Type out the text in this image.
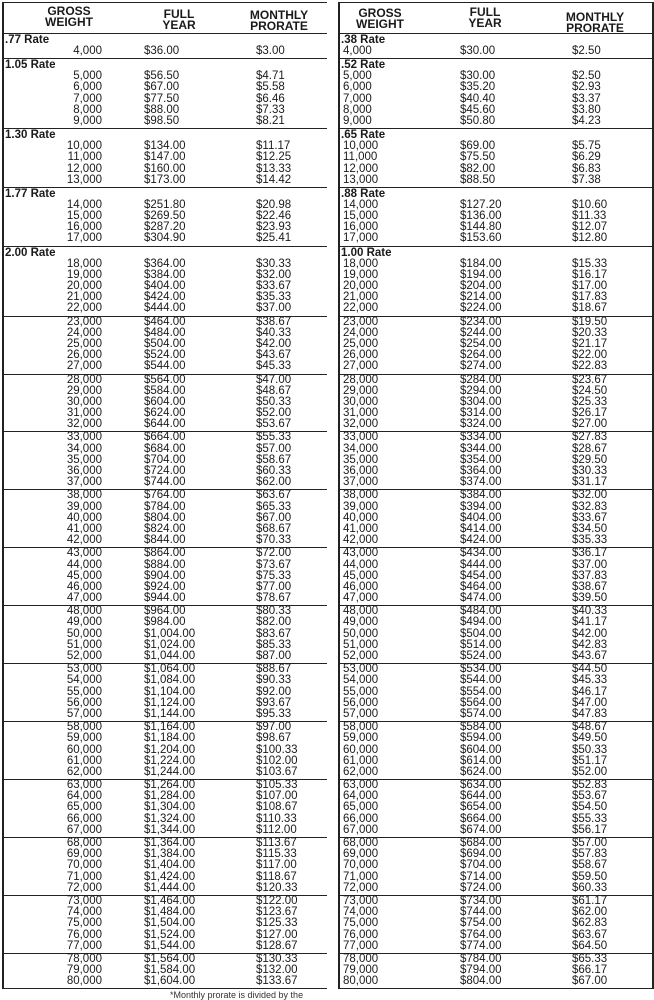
GROSS
WEIGHT
FULL
YEAR
MONTHLY
PRORATE
.77 Rate
4,000	$36.00	$3.00
1.05 Rate
5,000	$56.50	$4.71
6,000	$67.00	$5.58
7,000	$77.50	$6.46
8,000	$88.00	$7.33
9,000	$98.50	$8.21
1.30 Rate
10,000	$134.00	$11.17
11,000	$147.00	$12.25
12,000	$160.00	$13.33
13,000	$173.00	$14.42
1.77 Rate
14,000	$251.80	$20.98
15,000	$269.50	$22.46
16,000	$287.20	$23.93
17,000	$304.90	$25.41
2.00 Rate
18,000	$364.00	$30.33
19,000	$384.00	$32.00
20,000	$404.00	$33.67
21,000	$424.00	$35.33
22,000	$444.00	$37.00
23,000	$464.00	$38.67
24,000	$484.00	$40.33
25,000	$504.00	$42.00
26,000	$524.00	$43.67
27,000	$544.00	$45.33
28,000	$564.00	$47.00
29,000	$584.00	$48.67
30,000	$604.00	$50.33
31,000	$624.00	$52.00
32,000	$644.00	$53.67
33,000	$664.00	$55.33
34,000	$684.00	$57.00
35,000	$704.00	$58.67
36,000	$724.00	$60.33
37,000	$744.00	$62.00
38,000	$764.00	$63.67
39,000	$784.00	$65.33
40,000	$804.00	$67.00
41,000	$824.00	$68.67
42,000	$844.00	$70.33
43,000	$864.00	$72.00
44,000	$884.00	$73.67
45,000	$904.00	$75.33
46,000	$924.00	$77.00
47,000	$944.00	$78.67
48,000	$964.00	$80.33
49,000	$984.00	$82.00
50,000	$1,004.00	$83.67
51,000	$1,024.00	$85.33
52,000	$1,044.00	$87.00
53,000	$1,064.00	$88.67
54,000	$1,084.00	$90.33
55,000	$1,104.00	$92.00
56,000	$1,124.00	$93.67
57,000	$1,144.00	$95.33
58,000	$1,164.00	$97.00
59,000	$1,184.00	$98.67
60,000	$1,204.00	$100.33
61,000	$1,224.00	$102.00
62,000	$1,244.00	$103.67
63,000	$1,264.00	$105.33
64,000	$1,284.00	$107.00
65,000	$1,304.00	$108.67
66,000	$1,324.00	$110.33
67,000	$1,344.00	$112.00
68,000	$1,364.00	$113.67
69,000	$1,384.00	$115.33
70,000	$1,404.00	$117.00
71,000	$1,424.00	$118.67
72,000	$1,444.00	$120.33
73,000	$1,464.00	$122.00
74,000	$1,484.00	$123.67
75,000	$1,504.00	$125.33
76,000	$1,524.00	$127.00
77,000	$1,544.00	$128.67
78,000	$1,564.00	$130.33
79,000	$1,584.00	$132.00
80,000	$1,604.00	$133.67
GROSS
WEIGHT
FULL
YEAR	MONTHLY
PRORATE
.38 Rate
4,000	$30.00	$2.50
.52 Rate
5,000	$30.00	$2.50
6,000	$35.20	$2.93
7,000	$40.40	$3.37
8,000	$45.60	$3.80
9,000	$50.80	$4.23
.65 Rate
10,000	$69.00	$5.75
11,000	$75.50	$6.29
12,000	$82.00	$6.83
13,000	$88.50	$7.38
.88 Rate
14,000	$127.20	$10.60
15,000	$136.00	$11.33
16,000	$144.80	$12.07
17,000	$153.60	$12.80
1.00 Rate
18,000	$184.00	$15.33
19,000	$194.00	$16.17
20,000	$204.00	$17.00
21,000	$214.00	$17.83
22,000	$224.00	$18.67
23,000	$234.00	$19.50
24,000	$244.00	$20.33
25,000	$254.00	$21.17
26,000	$264.00	$22.00
27,000	$274.00	$22.83
28,000	$284.00	$23.67
29,000	$294.00	$24.50
30,000	$304.00	$25.33
31,000	$314.00	$26.17
32,000	$324.00	$27.00
33,000	$334.00	$27.83
34,000	$344.00	$28.67
35,000	$354.00	$29.50
36,000	$364.00	$30.33
37,000	$374.00	$31.17
38,000	$384.00	$32.00
39,000	$394.00	$32.83
40,000	$404.00	$33.67
41,000	$414.00	$34.50
42,000	$424.00	$35.33
43,000	$434.00	$36.17
44,000	$444.00	$37.00
45,000	$454.00	$37.83
46,000	$464.00	$38.67
47,000	$474.00	$39.50
48,000	$484.00	$40.33
49,000	$494.00	$41.17
50,000	$504.00	$42.00
51,000	$514.00	$42.83
52,000	$524.00	$43.67
53,000	$534.00	$44.50
54,000	$544.00	$45.33
55,000	$554.00	$46.17
56,000	$564.00	$47.00
57,000	$574.00	$47.83
58,000	$584.00	$48.67
59,000	$594.00	$49.50
60,000	$604.00	$50.33
61,000	$614.00	$51.17
62,000	$624.00	$52.00
63,000	$634.00	$52.83
64,000	$644.00	$53.67
65,000	$654.00	$54.50
66,000	$664.00	$55.33
67,000	$674.00	$56.17
68,000	$684.00	$57.00
69,000	$694.00	$57.83
70,000	$704.00	$58.67
71,000	$714.00	$59.50
72,000	$724.00	$60.33
73,000	$734.00	$61.17
74,000	$744.00	$62.00
75,000	$754.00	$62.83
76,000	$764.00	$63.67
77,000	$774.00	$64.50
78,000	$784.00	$65.33
79,000	$794.00	$66.17
80,000	$804.00	$67.00
*Monthly prorate is divided by the
